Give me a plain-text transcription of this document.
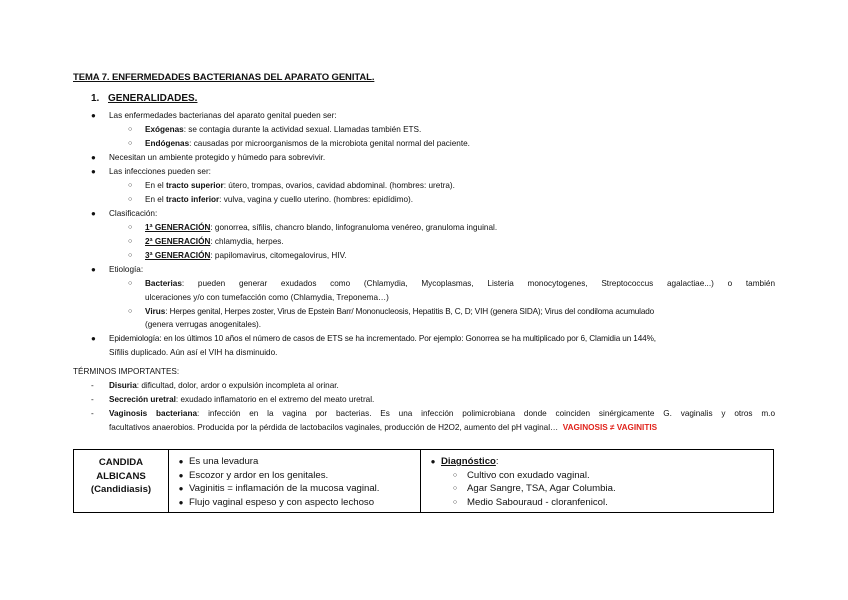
TEMA 7. ENFERMEDADES BACTERIANAS DEL APARATO GENITAL.
1. GENERALIDADES.
● Las enfermedades bacterianas del aparato genital pueden ser:
○ Exógenas: se contagia durante la actividad sexual. Llamadas también ETS.
○ Endógenas: causadas por microorganismos de la microbiota genital normal del paciente.
● Necesitan un ambiente protegido y húmedo para sobrevivir.
● Las infecciones pueden ser:
○ En el tracto superior: útero, trompas, ovarios, cavidad abdominal. (hombres: uretra).
○ En el tracto inferior: vulva, vagina y cuello uterino. (hombres: epidídimo).
● Clasificación:
○ 1ª GENERACIÓN: gonorrea, sífilis, chancro blando, linfogranuloma venéreo, granuloma inguinal.
○ 2ª GENERACIÓN: chlamydia, herpes.
○ 3ª GENERACIÓN: papilomavirus, citomegalovirus, HIV.
● Etiología:
○ Bacterias: pueden generar exudados como (Chlamydia, Mycoplasmas, Listeria monocytogenes, Streptococcus agalactiae...) o también
ulceraciones y/o con tumefacción como (Chlamydia, Treponema…)
○ Virus: Herpes genital, Herpes zoster, Virus de Epstein Barr/ Mononucleosis, Hepatitis B, C, D; VIH (genera SIDA); Virus del condiloma acumulado
(genera verrugas anogenitales).
● Epidemiología: en los últimos 10 años el número de casos de ETS se ha incrementado. Por ejemplo: Gonorrea se ha multiplicado por 6, Clamidia un 144%,
Sífilis duplicado. Aún así el VIH ha disminuido.
TÉRMINOS IMPORTANTES:
- Disuria: dificultad, dolor, ardor o expulsión incompleta al orinar.
- Secreción uretral: exudado inflamatorio en el extremo del meato uretral.
- Vaginosis bacteriana: infección en la vagina por bacterias. Es una infección polimicrobiana donde coinciden sinérgicamente G. vaginalis y otros m.o
facultativos anaerobios. Producida por la pérdida de lactobacilos vaginales, producción de H2O2, aumento del pH vaginal… VAGINOSIS ≠ VAGINITIS
CANDIDA
ALBICANS
(Candidiasis)

● Es una levadura
● Escozor y ardor en los genitales.
● Vaginitis = inflamación de la mucosa vaginal.
● Flujo vaginal espeso y con aspecto lechoso

● Diagnóstico:
○	Cultivo con exudado vaginal.
○	Agar Sangre, TSA, Agar Columbia.
○	Medio Sabouraud - cloranfenicol.
